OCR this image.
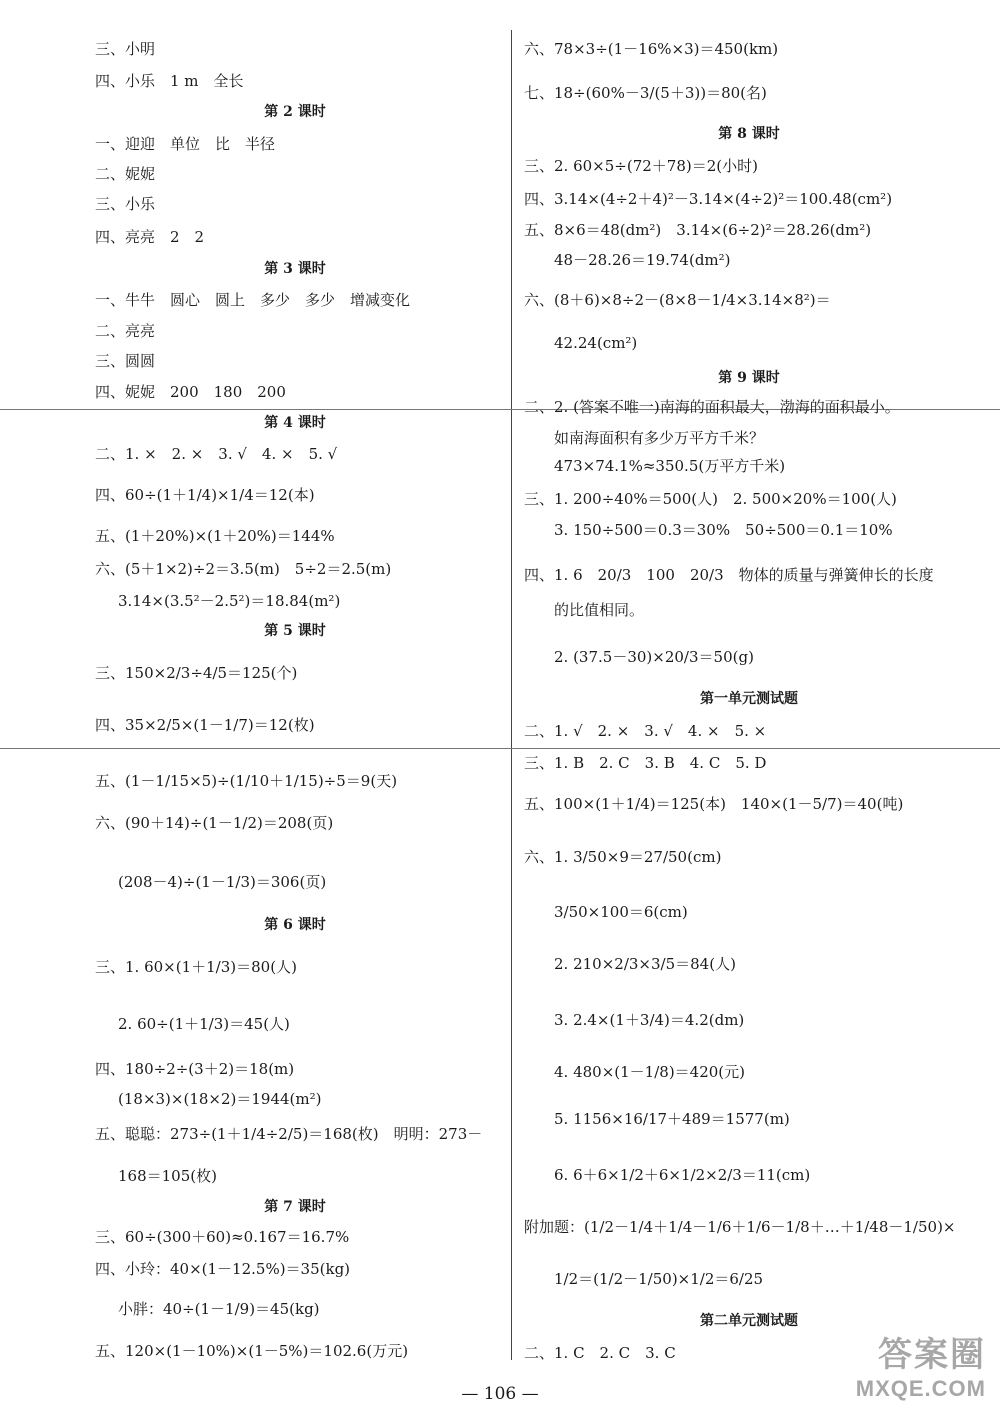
三、小明
四、小乐　1 m　全长
第 2 课时
一、迎迎　单位　比　半径
二、妮妮
三、小乐
四、亮亮　2　2
第 3 课时
一、牛牛　圆心　圆上　多少　多少　增减变化
二、亮亮
三、圆圆
四、妮妮　200　180　200
第 4 课时
二、1. ×　2. ×　3. √　4. ×　5. √
四、60÷(1＋1/4)×1/4＝12(本)
五、(1＋20%)×(1＋20%)＝144%
六、(5＋1×2)÷2＝3.5(m)　5÷2＝2.5(m)
3.14×(3.5²－2.5²)＝18.84(m²)
第 5 课时
三、150×2/3÷4/5＝125(个)
四、35×2/5×(1－1/7)＝12(枚)
五、(1－1/15×5)÷(1/10＋1/15)÷5＝9(天)
六、(90＋14)÷(1－1/2)＝208(页)
(208－4)÷(1－1/3)＝306(页)
第 6 课时
三、1. 60×(1＋1/3)＝80(人)
2. 60÷(1＋1/3)＝45(人)
四、180÷2÷(3＋2)＝18(m)
(18×3)×(18×2)＝1944(m²)
五、聪聪：273÷(1＋1/4÷2/5)＝168(枚)　明明：273－
168＝105(枚)
第 7 课时
三、60÷(300＋60)≈0.167＝16.7%
四、小玲：40×(1－12.5%)＝35(kg)
小胖：40÷(1－1/9)＝45(kg)
五、120×(1－10%)×(1－5%)＝102.6(万元)
六、78×3÷(1－16%×3)＝450(km)
七、18÷(60%－3/(5＋3))＝80(名)
第 8 课时
三、2. 60×5÷(72＋78)＝2(小时)
四、3.14×(4÷2＋4)²－3.14×(4÷2)²＝100.48(cm²)
五、8×6＝48(dm²)　3.14×(6÷2)²＝28.26(dm²)
48－28.26＝19.74(dm²)
六、(8＋6)×8÷2－(8×8－1/4×3.14×8²)＝
42.24(cm²)
第 9 课时
二、2. (答案不唯一)南海的面积最大，渤海的面积最小。
如南海面积有多少万平方千米？
473×74.1%≈350.5(万平方千米)
三、1. 200÷40%＝500(人)　2. 500×20%＝100(人)
3. 150÷500＝0.3＝30%　50÷500＝0.1＝10%
四、1. 6　20/3　100　20/3　物体的质量与弹簧伸长的长度
的比值相同。
2. (37.5－30)×20/3＝50(g)
第一单元测试题
二、1. √　2. ×　3. √　4. ×　5. ×
三、1. B　2. C　3. B　4. C　5. D
五、100×(1＋1/4)＝125(本)　140×(1－5/7)＝40(吨)
六、1. 3/50×9＝27/50(cm)
3/50×100＝6(cm)
2. 210×2/3×3/5＝84(人)
3. 2.4×(1＋3/4)＝4.2(dm)
4. 480×(1－1/8)＝420(元)
5. 1156×16/17＋489＝1577(m)
6. 6＋6×1/2＋6×1/2×2/3＝11(cm)
附加题：(1/2－1/4＋1/4－1/6＋1/6－1/8＋…＋1/48－1/50)×
1/2＝(1/2－1/50)×1/2＝6/25
第二单元测试题
二、1. C　2. C　3. C
— 106 —
答案圈
MXQE.COM
